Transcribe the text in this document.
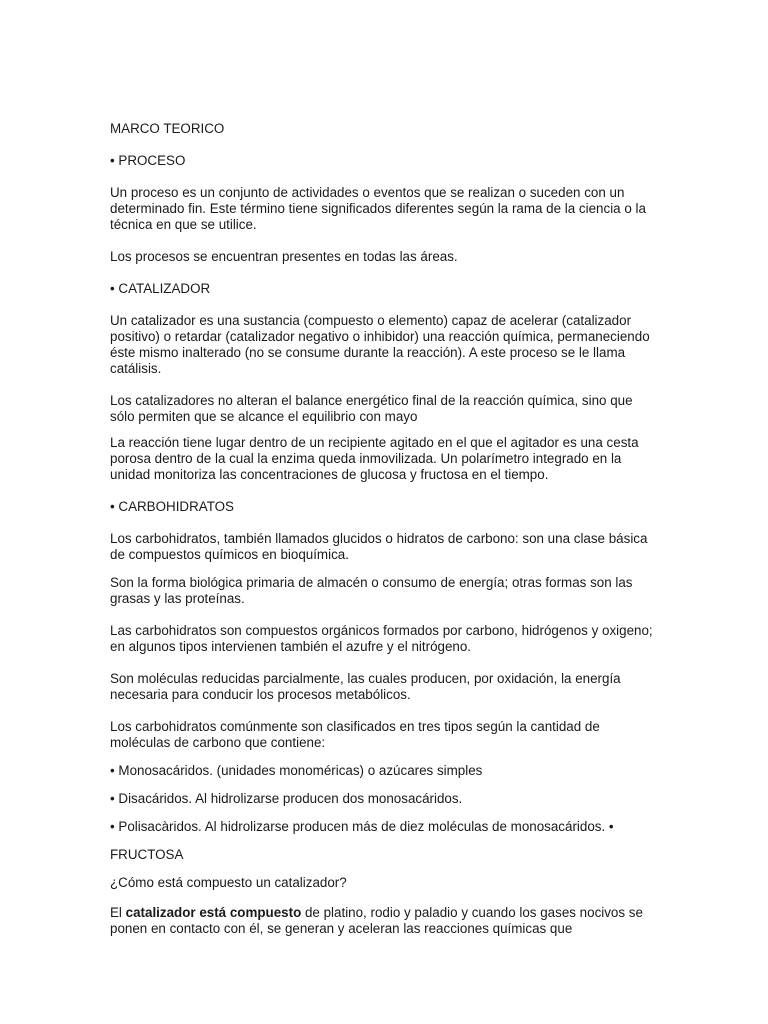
MARCO TEORICO

• PROCESO

Un proceso es un conjunto de actividades o eventos que se realizan o suceden con un determinado fin. Este término tiene significados diferentes según la rama de la ciencia o la técnica en que se utilice.

Los procesos se encuentran presentes en todas las áreas.

• CATALIZADOR

Un catalizador es una sustancia (compuesto o elemento) capaz de acelerar (catalizador positivo) o retardar (catalizador negativo o inhibidor) una reacción química, permaneciendo éste mismo inalterado (no se consume durante la reacción). A este proceso se le llama catálisis.

Los catalizadores no alteran el balance energético final de la reacción química, sino que sólo permiten que se alcance el equilibrio con mayo

La reacción tiene lugar dentro de un recipiente agitado en el que el agitador es una cesta porosa dentro de la cual la enzima queda inmovilizada. Un polarímetro integrado en la unidad monitoriza las concentraciones de glucosa y fructosa en el tiempo.

• CARBOHIDRATOS

Los carbohidratos, también llamados glucidos o hidratos de carbono: son una clase básica de compuestos químicos en bioquímica.

Son la forma biológica primaria de almacén o consumo de energía; otras formas son las grasas y las proteínas.

Las carbohidratos son compuestos orgánicos formados por carbono, hidrógenos y oxigeno; en algunos tipos intervienen también el azufre y el nitrógeno.

Son moléculas reducidas parcialmente, las cuales producen, por oxidación, la energía necesaria para conducir los procesos metabólicos.

Los carbohidratos comúnmente son clasificados en tres tipos según la cantidad de moléculas de carbono que contiene:

• Monosacáridos. (unidades monoméricas) o azúcares simples

• Disacáridos. Al hidrolizarse producen dos monosacáridos.

• Polisacàridos. Al hidrolizarse producen más de diez moléculas de monosacáridos. •

FRUCTOSA

¿Cómo está compuesto un catalizador?

El catalizador está compuesto de platino, rodio y paladio y cuando los gases nocivos se ponen en contacto con él, se generan y aceleran las reacciones químicas que
